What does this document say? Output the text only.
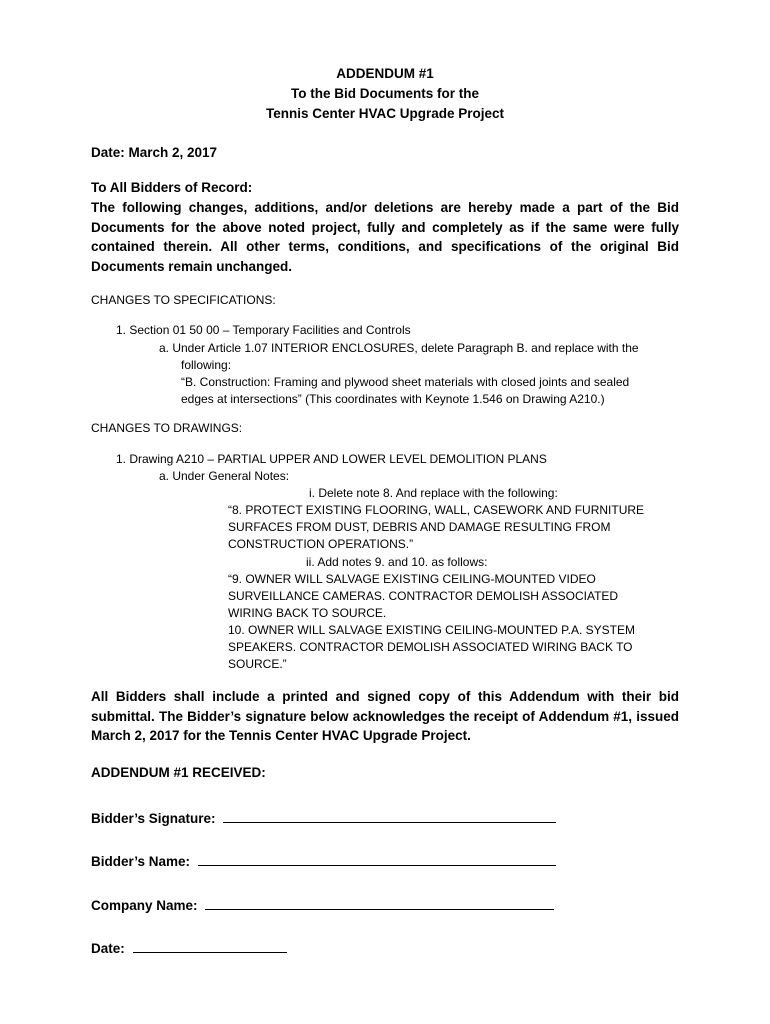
ADDENDUM #1
To the Bid Documents for the
Tennis Center HVAC Upgrade Project
Date: March 2, 2017
To All Bidders of Record:
The following changes, additions, and/or deletions are hereby made a part of the Bid Documents for the above noted project, fully and completely as if the same were fully contained therein. All other terms, conditions, and specifications of the original Bid Documents remain unchanged.
CHANGES TO SPECIFICATIONS:
1. Section 01 50 00 – Temporary Facilities and Controls
a. Under Article 1.07 INTERIOR ENCLOSURES, delete Paragraph B. and replace with the
following:
“B. Construction: Framing and plywood sheet materials with closed joints and sealed
edges at intersections” (This coordinates with Keynote 1.546 on Drawing A210.)
CHANGES TO DRAWINGS:
1. Drawing A210 – PARTIAL UPPER AND LOWER LEVEL DEMOLITION PLANS
a. Under General Notes:
i. Delete note 8. And replace with the following:
“8. PROTECT EXISTING FLOORING, WALL, CASEWORK AND FURNITURE
SURFACES FROM DUST, DEBRIS AND DAMAGE RESULTING FROM
CONSTRUCTION OPERATIONS.”
ii. Add notes 9. and 10. as follows:
“9. OWNER WILL SALVAGE EXISTING CEILING-MOUNTED VIDEO
SURVEILLANCE CAMERAS. CONTRACTOR DEMOLISH ASSOCIATED
WIRING BACK TO SOURCE.
10. OWNER WILL SALVAGE EXISTING CEILING-MOUNTED P.A. SYSTEM
SPEAKERS. CONTRACTOR DEMOLISH ASSOCIATED WIRING BACK TO
SOURCE.”
All Bidders shall include a printed and signed copy of this Addendum with their bid submittal. The Bidder’s signature below acknowledges the receipt of Addendum #1, issued March 2, 2017 for the Tennis Center HVAC Upgrade Project.
ADDENDUM #1 RECEIVED:
Bidder’s Signature:
Bidder’s Name:
Company Name:
Date:
